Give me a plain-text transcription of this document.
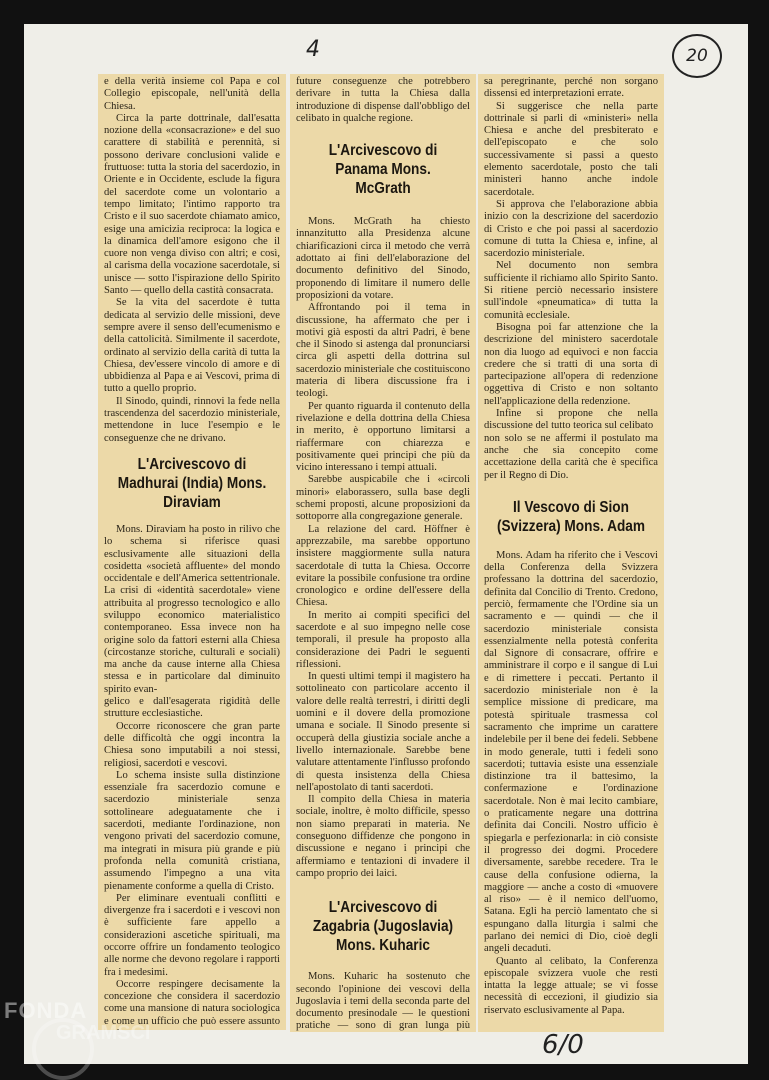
4	20

e della verità insieme col Papa e col Collegio episcopale, nell'unità della Chiesa.

Circa la parte dottrinale, dall'esatta nozione della «consacrazione» e del suo carattere di stabilità e perennità, si possono derivare conclusioni valide e fruttuose: tutta la storia del sacerdozio, in Oriente e in Occidente, esclude la figura del sacerdote come un volontario a tempo limitato; l'intimo rapporto tra Cristo e il suo sacerdote chiamato amico, esige una amicizia reciproca: la logica e la dinamica dell'amore esigono che il cuore non venga diviso con altri; e così, al carisma della vocazione sacerdotale, si unisce — sotto l'ispirazione dello Spirito Santo — quello della castità consacrata.

Se la vita del sacerdote è tutta dedicata al servizio delle missioni, deve sempre avere il senso dell'ecumenismo e della cattolicità. Similmente il sacerdote, ordinato al servizio della carità di tutta la Chiesa, dev'essere vincolo di amore e di ubbidienza al Papa e ai Vescovi, prima di tutto a quello proprio.

Il Sinodo, quindi, rinnovi la fede nella trascendenza del sacerdozio ministeriale, mettendone in luce l'esempio e le conseguenze che ne drivano.

L'Arcivescovo di Madhurai (India) Mons. Diraviam

Mons. Diraviam ha posto in rilivo che lo schema si riferisce quasi esclusivamente alle situazioni della cosidetta «società affluente» del mondo occidentale e dell'America settentrionale. La crisi di «identità sacerdotale» viene attribuita al progresso tecnologico e allo sviluppo economico materialistico contemporaneo. Essa invece non ha origine solo da fattori esterni alla Chiesa (circostanze storiche, culturali e sociali) ma anche da cause interne alla Chiesa stessa e in particolare dal diminuito spirito evan-

gelico e dall'esagerata rigidità delle strutture ecclesiastiche.

Occorre riconoscere che gran parte delle difficoltà che oggi incontra la Chiesa sono imputabili a noi stessi, religiosi, sacerdoti e vescovi.

Lo schema insiste sulla distinzione essenziale fra sacerdozio comune e sacerdozio ministeriale senza sottolineare adeguatamente che i sacerdoti, mediante l'ordinazione, non vengono privati del sacerdozio comune, ma integrati in misura più grande e più profonda nella comunità cristiana, assumendo l'impegno a una vita pienamente conforme a quella di Cristo.

Per eliminare eventuali conflitti e divergenze fra i sacerdoti e i vescovi non è sufficiente fare appello a considerazioni ascetiche spirituali, ma occorre offrire un fondamento teologico alle norme che devono regolare i rapporti fra i medesimi.

Occorre respingere decisamente la concezione che considera il sacerdozio come una mansione di natura sociologica e come un ufficio che può essere assunto

future conseguenze che potrebbero derivare in tutta la Chiesa dalla introduzione di dispense dall'obbligo del celibato in qualche regione.

L'Arcivescovo di Panama Mons. McGrath

Mons. McGrath ha chiesto innanzitutto alla Presidenza alcune chiarificazioni circa il metodo che verrà adottato ai fini dell'elaborazione del documento definitivo del Sinodo, proponendo di limitare il numero delle proposizioni da votare.

Affrontando poi il tema in discussione, ha affermato che per i motivi già esposti da altri Padri, è bene che il Sinodo si astenga dal pronunciarsi circa gli aspetti della dottrina sul sacerdozio ministeriale che costituiscono materia di libera discussione fra i teologi.

Per quanto riguarda il contenuto della rivelazione e della dottrina della Chiesa in merito, è opportuno limitarsi a riaffermare con chiarezza e positivamente quei principi che più da vicino interessano i tempi attuali.

Sarebbe auspicabile che i «circoli minori» elaborassero, sulla base degli schemi proposti, alcune proposizioni da sottoporre alla congregazione generale.

La relazione del card. Höffner è apprezzabile, ma sarebbe opportuno insistere maggiormente sulla natura sacerdotale di tutta la Chiesa. Occorre evitare la possibile confusione tra ordine cronologico e ordine dell'essere della Chiesa.

In merito ai compiti specifici del sacerdote e al suo impegno nelle cose temporali, il presule ha proposto alla considerazione dei Padri le seguenti riflessioni.

In questi ultimi tempi il magistero ha sottolineato con particolare accento il valore delle realtà terrestri, i diritti degli uomini e il dovere della promozione umana e sociale. Il Sinodo presente si occuperà della giustizia sociale anche a livello internazionale. Sarebbe bene valutare attentamente l'influsso profondo di questa insistenza della Chiesa nell'apostolato di tanti sacerdoti.

Il compito della Chiesa in materia sociale, inoltre, è molto difficile, spesso non siamo preparati in materia. Ne conseguono diffidenze che pongono in discussione e negano i principi che affermiamo e tentazioni di invadere il campo proprio dei laici.

L'Arcivescovo di Zagabria (Jugoslavia) Mons. Kuharic

Mons. Kuharic ha sostenuto che secondo l'opinione dei vescovi della Jugoslavia i temi della seconda parte del documento presinodale — le questioni pratiche — sono di gran lunga più

sa peregrinante, perché non sorgano dissensi ed interpretazioni errate.

Si suggerisce che nella parte dottrinale si parli di «ministeri» nella Chiesa e anche del presbiterato e dell'episcopato e che solo successivamente si passi a questo elemento sacerdotale, posto che tali ministeri hanno anche indole sacerdotale.

Si approva che l'elaborazione abbia inizio con la descrizione del sacerdozio di Cristo e che poi passi al sacerdozio comune di tutta la Chiesa e, infine, al sacerdozio ministeriale.

Nel documento non sembra sufficiente il richiamo allo Spirito Santo. Si ritiene perciò necessario insistere sull'indole «pneumatica» di tutta la comunità ecclesiale.

Bisogna poi far attenzione che la descrizione del ministero sacerdotale non dia luogo ad equivoci e non faccia credere che si tratti di una sorta di partecipazione all'opera di redenzione oggettiva di Cristo e non soltanto nell'applicazione della redenzione.

Infine si propone che nella discussione del tutto teorica sul celibato

non solo se ne affermi il postulato ma anche che sia concepito come accettazione della carità che è specifica per il Regno di Dio.

Il Vescovo di Sion (Svizzera) Mons. Adam

Mons. Adam ha riferito che i Vescovi della Conferenza della Svizzera professano la dottrina del sacerdozio, definita dal Concilio di Trento. Credono, perciò, fermamente che l'Ordine sia un sacramento e — quindi — che il sacerdozio ministeriale consista essenzialmente nella potestà conferita dal Signore di consacrare, offrire e amministrare il corpo e il sangue di Lui e di rimettere i peccati. Pertanto il sacerdozio ministeriale non è la semplice missione di predicare, ma potestà spirituale trasmessa col sacramento che imprime un carattere indelebile per il bene dei fedeli. Sebbene in modo generale, tutti i fedeli sono sacerdoti; tuttavia esiste una essenziale distinzione tra il battesimo, la confermazione e l'ordinazione sacerdotale. Non è mai lecito cambiare, o praticamente negare una dottrina definita dai Concili. Nostro ufficio è spiegarla e perfezionarla: in ciò consiste il progresso dei dogmi. Procedere diversamente, sarebbe recedere. Tra le cause della confusione odierna, la maggiore — anche a costo di «muovere al riso» — è il nemico dell'uomo, Satana. Egli ha perciò lamentato che si espungano dalla liturgia i salmi che parlano dei nemici di Dio, cioè degli angeli decaduti.

Quanto al celibato, la Conferenza episcopale svizzera vuole che resti intatta la legge attuale; se vi fosse necessità di eccezioni, il giudizio sia riservato esclusivamente al Papa.

6/0
FONDA
GRAMSCI
